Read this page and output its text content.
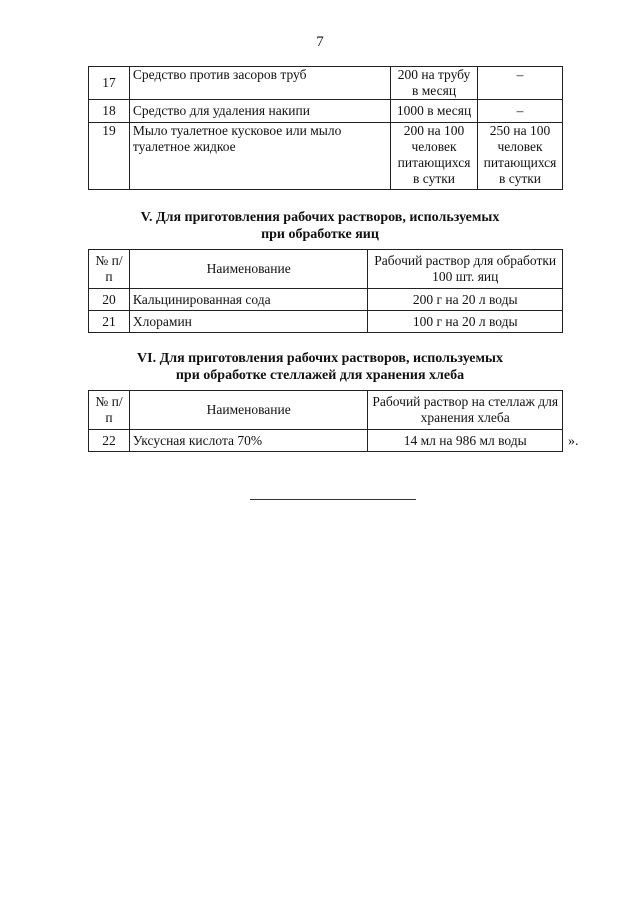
7
17	Средство против засоров труб	200 на трубу в месяц	–
18	Средство для удаления накипи	1000 в месяц	–
19	Мыло туалетное кусковое или мыло туалетное жидкое	200 на 100 человек питающихся в сутки	250 на 100 человек питающихся в сутки
V. Для приготовления рабочих растворов, используемых
при обработке яиц
№ п/п	Наименование	Рабочий раствор для обработки 100 шт. яиц
20	Кальцинированная сода	200 г на 20 л воды
21	Хлорамин	100 г на 20 л воды
VI. Для приготовления рабочих растворов, используемых
при обработке стеллажей для хранения хлеба
№ п/п	Наименование	Рабочий раствор на стеллаж для хранения хлеба
22	Уксусная кислота 70%	14 мл на 986 мл воды	».
